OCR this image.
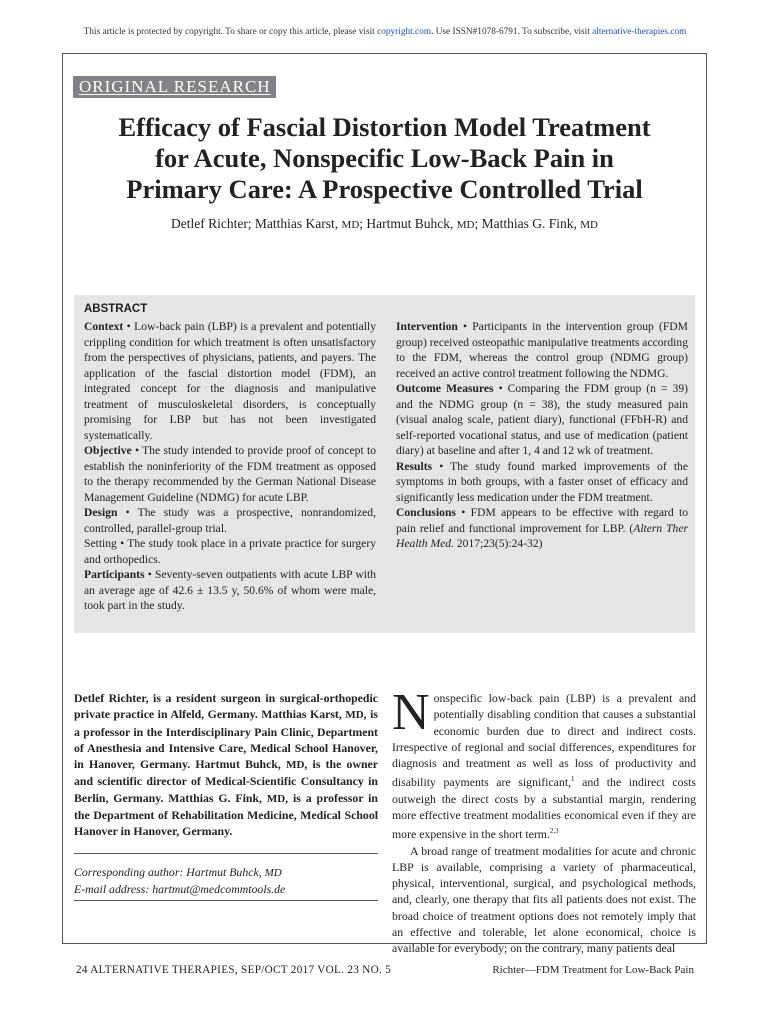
This article is protected by copyright. To share or copy this article, please visit copyright.com. Use ISSN#1078-6791. To subscribe, visit alternative-therapies.com
ORIGINAL RESEARCH
Efficacy of Fascial Distortion Model Treatment
for Acute, Nonspecific Low-Back Pain in
Primary Care: A Prospective Controlled Trial
Detlef Richter; Matthias Karst, MD; Hartmut Buhck, MD; Matthias G. Fink, MD
ABSTRACT

Context • Low-back pain (LBP) is a prevalent and potentially crippling condition for which treatment is often unsatisfactory from the perspectives of physicians, patients, and payers. The application of the fascial distortion model (FDM), an integrated concept for the diagnosis and manipulative treatment of musculoskeletal disorders, is conceptually promising for LBP but has not been investigated systematically.

Objective • The study intended to provide proof of concept to establish the noninferiority of the FDM treatment as opposed to the therapy recommended by the German National Disease Management Guideline (NDMG) for acute LBP.

Design • The study was a prospective, nonrandomized, controlled, parallel-group trial.

Setting • The study took place in a private practice for surgery and orthopedics.

Participants • Seventy-seven outpatients with acute LBP with an average age of 42.6 ± 13.5 y, 50.6% of whom were male, took part in the study.

Intervention • Participants in the intervention group (FDM group) received osteopathic manipulative treatments according to the FDM, whereas the control group (NDMG group) received an active control treatment following the NDMG.

Outcome Measures • Comparing the FDM group (n = 39) and the NDMG group (n = 38), the study measured pain (visual analog scale, patient diary), functional (FFbH-R) and self-reported vocational status, and use of medication (patient diary) at baseline and after 1, 4 and 12 wk of treatment.

Results • The study found marked improvements of the symptoms in both groups, with a faster onset of efficacy and significantly less medication under the FDM treatment.

Conclusions • FDM appears to be effective with regard to pain relief and functional improvement for LBP. (Altern Ther Health Med. 2017;23(5):24-32)

Detlef Richter, is a resident surgeon in surgical-orthopedic private practice in Alfeld, Germany. Matthias Karst, MD, is a professor in the Interdisciplinary Pain Clinic, Department of Anesthesia and Intensive Care, Medical School Hanover, in Hanover, Germany. Hartmut Buhck, MD, is the owner and scientific director of Medical-Scientific Consultancy in Berlin, Germany. Matthias G. Fink, MD, is a professor in the Department of Rehabilitation Medicine, Medical School Hanover in Hanover, Germany.

Corresponding author: Hartmut Buhck, MD
E-mail address: hartmut@medcommtools.de

Nonspecific low-back pain (LBP) is a prevalent and potentially disabling condition that causes a substantial economic burden due to direct and indirect costs. Irrespective of regional and social differences, expenditures for diagnosis and treatment as well as loss of productivity and disability payments are significant,$^1$ and the indirect costs outweigh the direct costs by a substantial margin, rendering more effective treatment modalities economical even if they are more expensive in the short term.$^{2,3}$

A broad range of treatment modalities for acute and chronic LBP is available, comprising a variety of pharmaceutical, physical, interventional, surgical, and psychological methods, and, clearly, one therapy that fits all patients does not exist. The broad choice of treatment options does not remotely imply that an effective and tolerable, let alone economical, choice is available for everybody; on the contrary, many patients deal

24 ALTERNATIVE THERAPIES, SEP/OCT 2017 VOL. 23 NO. 5	Richter—FDM Treatment for Low-Back Pain
